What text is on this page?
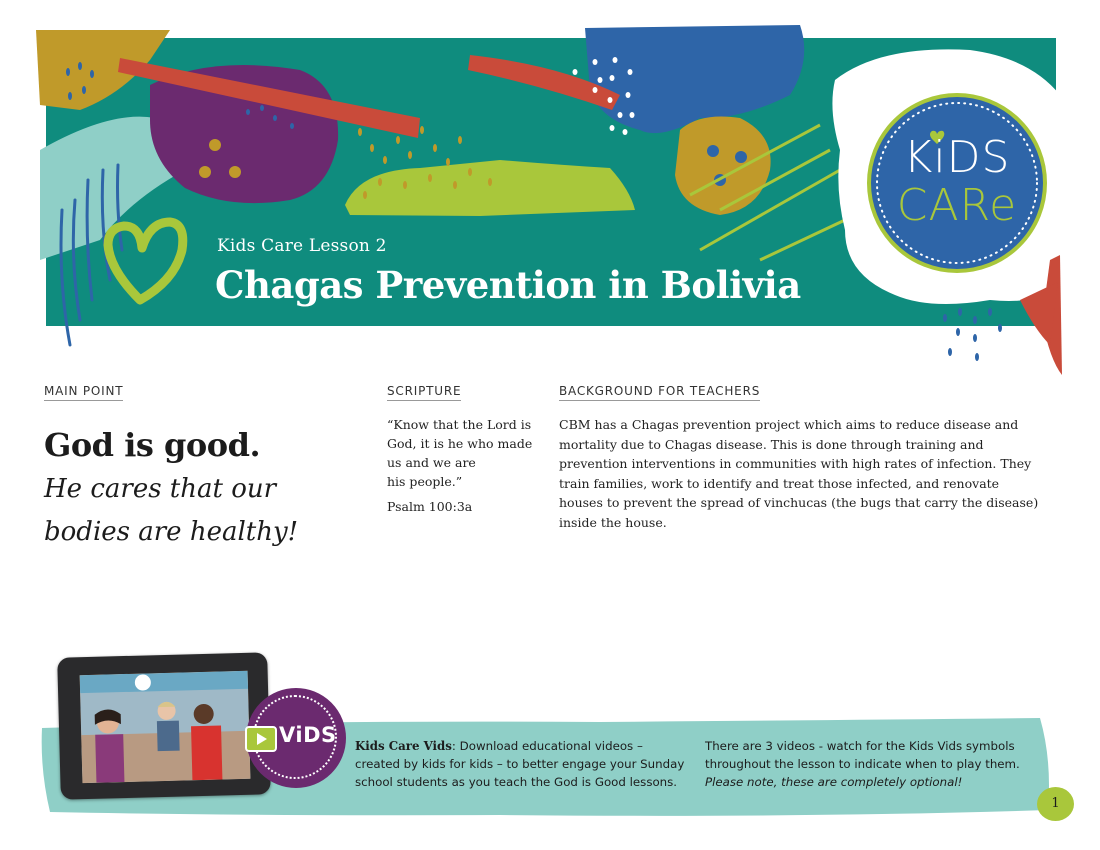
KiDS
CARe
Kids Care Lesson 2
Chagas Prevention in Bolivia
MAIN POINT	SCRIPTURE	BACKGROUND FOR TEACHERS

God is good.

He cares that our bodies are healthy!

“Know that the Lord is
God, it is he who made
us and we are
his people.”
Psalm 100:3a
CBM has a Chagas prevention project which aims to reduce disease and mortality due to Chagas disease. This is done through training and prevention interventions in communities with high rates of infection. They train families, work to identify and treat those infected, and renovate houses to prevent the spread of vinchucas (the bugs that carry the disease) inside the house.
ViDS Kids Care Vids: Download educational videos – created by kids for kids – to better engage your Sunday school students as you teach the God is Good lessons.
There are 3 videos - watch for the Kids Vids symbols throughout the lesson to indicate when to play them.
Please note, these are completely optional!
1
